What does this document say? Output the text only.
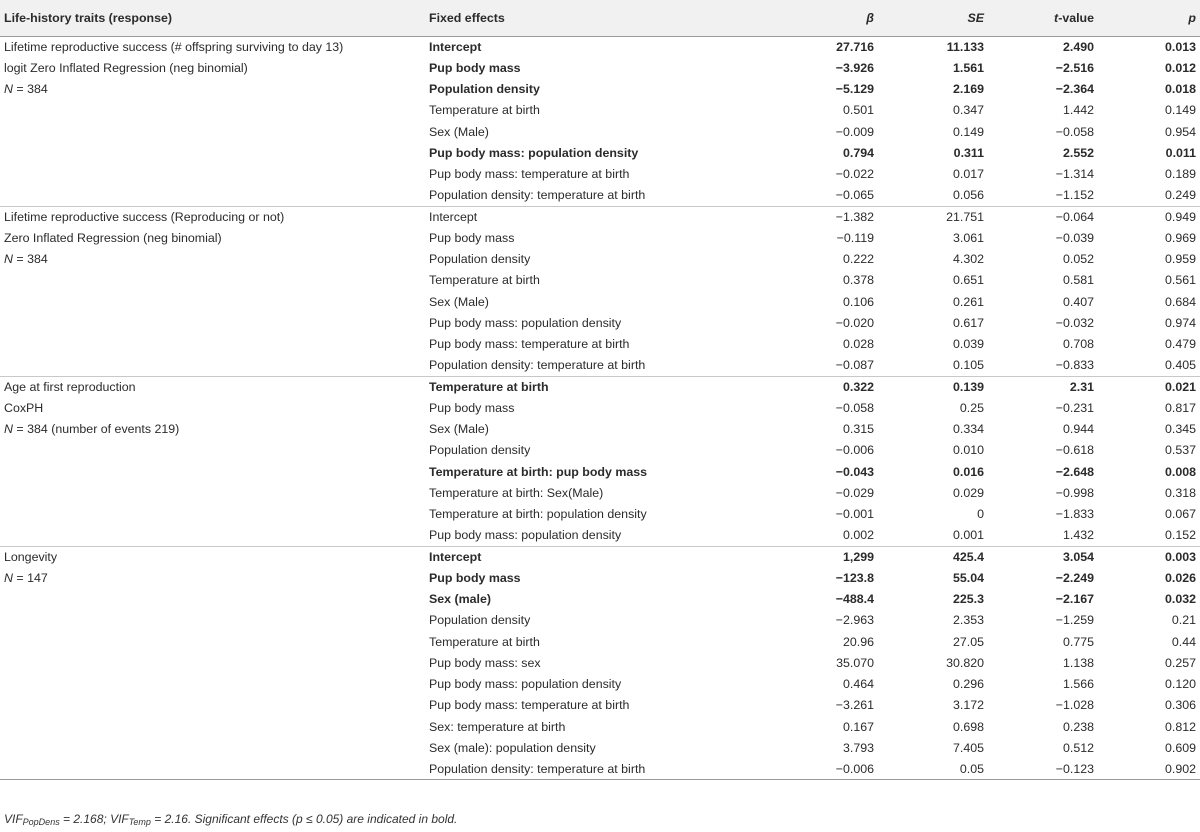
Life-history traits (response)	Fixed effects	β	SE	t-value	p

Lifetime reproductive success (# offspring surviving to day 13)
logit Zero Inflated Regression (neg binomial)
N = 384	Intercept	27.716	11.133	2.490	0.013
	Pup body mass	−3.926	1.561	−2.516	0.012
	Population density	−5.129	2.169	−2.364	0.018
	Temperature at birth	0.501	0.347	1.442	0.149
	Sex (Male)	−0.009	0.149	−0.058	0.954
	Pup body mass: population density	0.794	0.311	2.552	0.011
	Pup body mass: temperature at birth	−0.022	0.017	−1.314	0.189
	Population density: temperature at birth	−0.065	0.056	−1.152	0.249

Lifetime reproductive success (Reproducing or not)
Zero Inflated Regression (neg binomial)
N = 384	Intercept	−1.382	21.751	−0.064	0.949
	Pup body mass	−0.119	3.061	−0.039	0.969
	Population density	0.222	4.302	0.052	0.959
	Temperature at birth	0.378	0.651	0.581	0.561
	Sex (Male)	0.106	0.261	0.407	0.684
	Pup body mass: population density	−0.020	0.617	−0.032	0.974
	Pup body mass: temperature at birth	0.028	0.039	0.708	0.479
	Population density: temperature at birth	−0.087	0.105	−0.833	0.405

Age at first reproduction
CoxPH
N = 384 (number of events 219)	Temperature at birth	0.322	0.139	2.31	0.021
	Pup body mass	−0.058	0.25	−0.231	0.817
	Sex (Male)	0.315	0.334	0.944	0.345
	Population density	−0.006	0.010	−0.618	0.537
	Temperature at birth: pup body mass	−0.043	0.016	−2.648	0.008
	Temperature at birth: Sex(Male)	−0.029	0.029	−0.998	0.318
	Temperature at birth: population density	−0.001	0	−1.833	0.067
	Pup body mass: population density	0.002	0.001	1.432	0.152

Longevity
N = 147	Intercept	1,299	425.4	3.054	0.003
	Pup body mass	−123.8	55.04	−2.249	0.026
	Sex (male)	−488.4	225.3	−2.167	0.032
	Population density	−2.963	2.353	−1.259	0.21
	Temperature at birth	20.96	27.05	0.775	0.44
	Pup body mass: sex	35.070	30.820	1.138	0.257
	Pup body mass: population density	0.464	0.296	1.566	0.120
	Pup body mass: temperature at birth	−3.261	3.172	−1.028	0.306
	Sex: temperature at birth	0.167	0.698	0.238	0.812
	Sex (male): population density	3.793	7.405	0.512	0.609
	Population density: temperature at birth	−0.006	0.05	−0.123	0.902
$VIF_{PopDens} = 2.168$; $VIF_{Temp} = 2.16$. Significant effects (p ≤ 0.05) are indicated in bold.
